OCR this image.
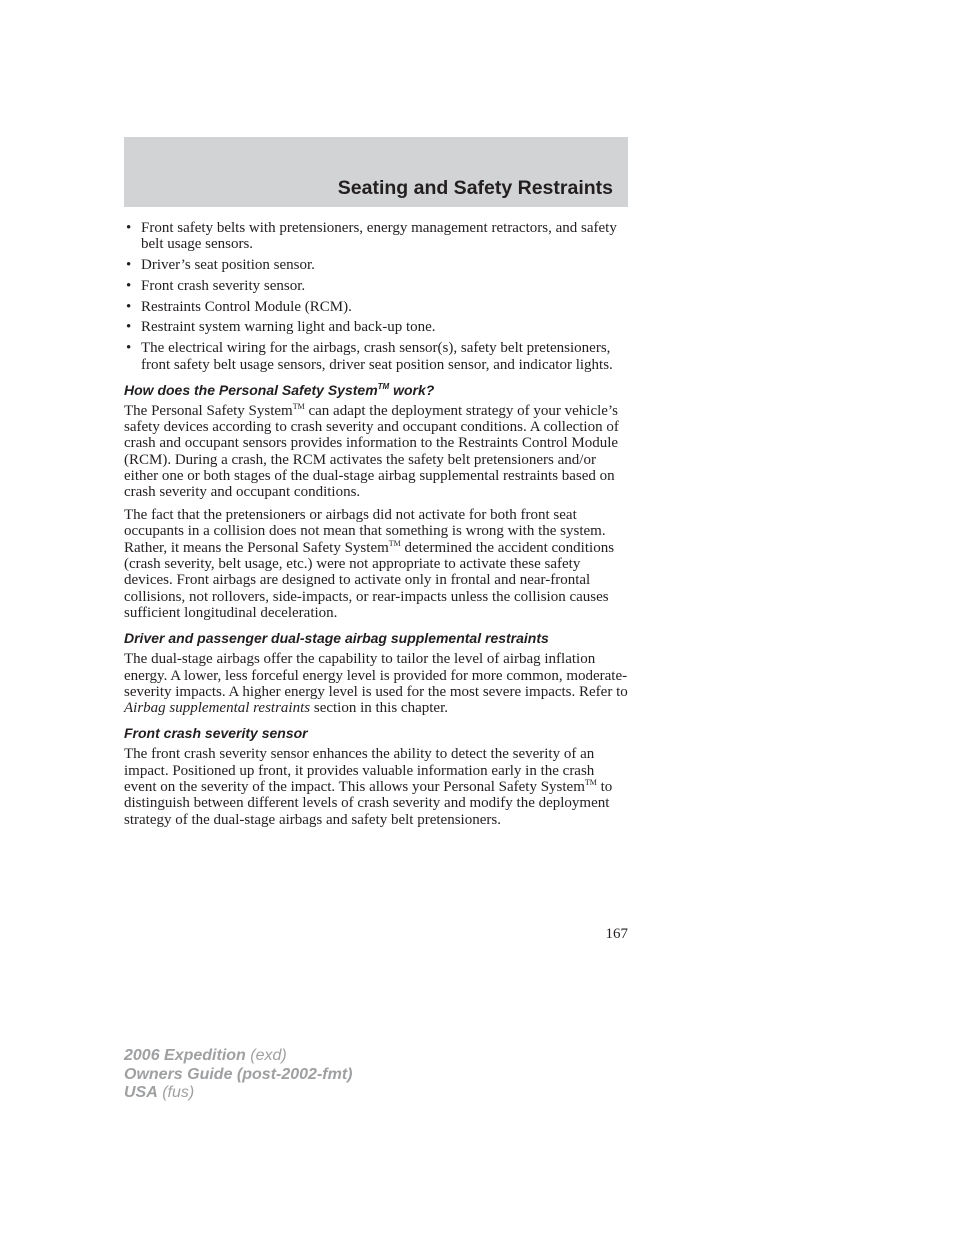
Seating and Safety Restraints
• Front safety belts with pretensioners, energy management retractors, and safety belt usage sensors.
• Driver’s seat position sensor.
• Front crash severity sensor.
• Restraints Control Module (RCM).
• Restraint system warning light and back-up tone.
• The electrical wiring for the airbags, crash sensor(s), safety belt pretensioners, front safety belt usage sensors, driver seat position sensor, and indicator lights.
How does the Personal Safety System™ work?

The Personal Safety System™ can adapt the deployment strategy of your vehicle’s safety devices according to crash severity and occupant conditions. A collection of crash and occupant sensors provides information to the Restraints Control Module (RCM). During a crash, the RCM activates the safety belt pretensioners and/or either one or both stages of the dual-stage airbag supplemental restraints based on crash severity and occupant conditions.

The fact that the pretensioners or airbags did not activate for both front seat occupants in a collision does not mean that something is wrong with the system. Rather, it means the Personal Safety System™ determined the accident conditions (crash severity, belt usage, etc.) were not appropriate to activate these safety devices. Front airbags are designed to activate only in frontal and near-frontal collisions, not rollovers, side-impacts, or rear-impacts unless the collision causes sufficient longitudinal deceleration.

Driver and passenger dual-stage airbag supplemental restraints

The dual-stage airbags offer the capability to tailor the level of airbag inflation energy. A lower, less forceful energy level is provided for more common, moderate-severity impacts. A higher energy level is used for the most severe impacts. Refer to Airbag supplemental restraints section in this chapter.

Front crash severity sensor

The front crash severity sensor enhances the ability to detect the severity of an impact. Positioned up front, it provides valuable information early in the crash event on the severity of the impact. This allows your Personal Safety System™ to distinguish between different levels of crash severity and modify the deployment strategy of the dual-stage airbags and safety belt pretensioners.

167
2006 Expedition (exd)
Owners Guide (post-2002-fmt)
USA (fus)
